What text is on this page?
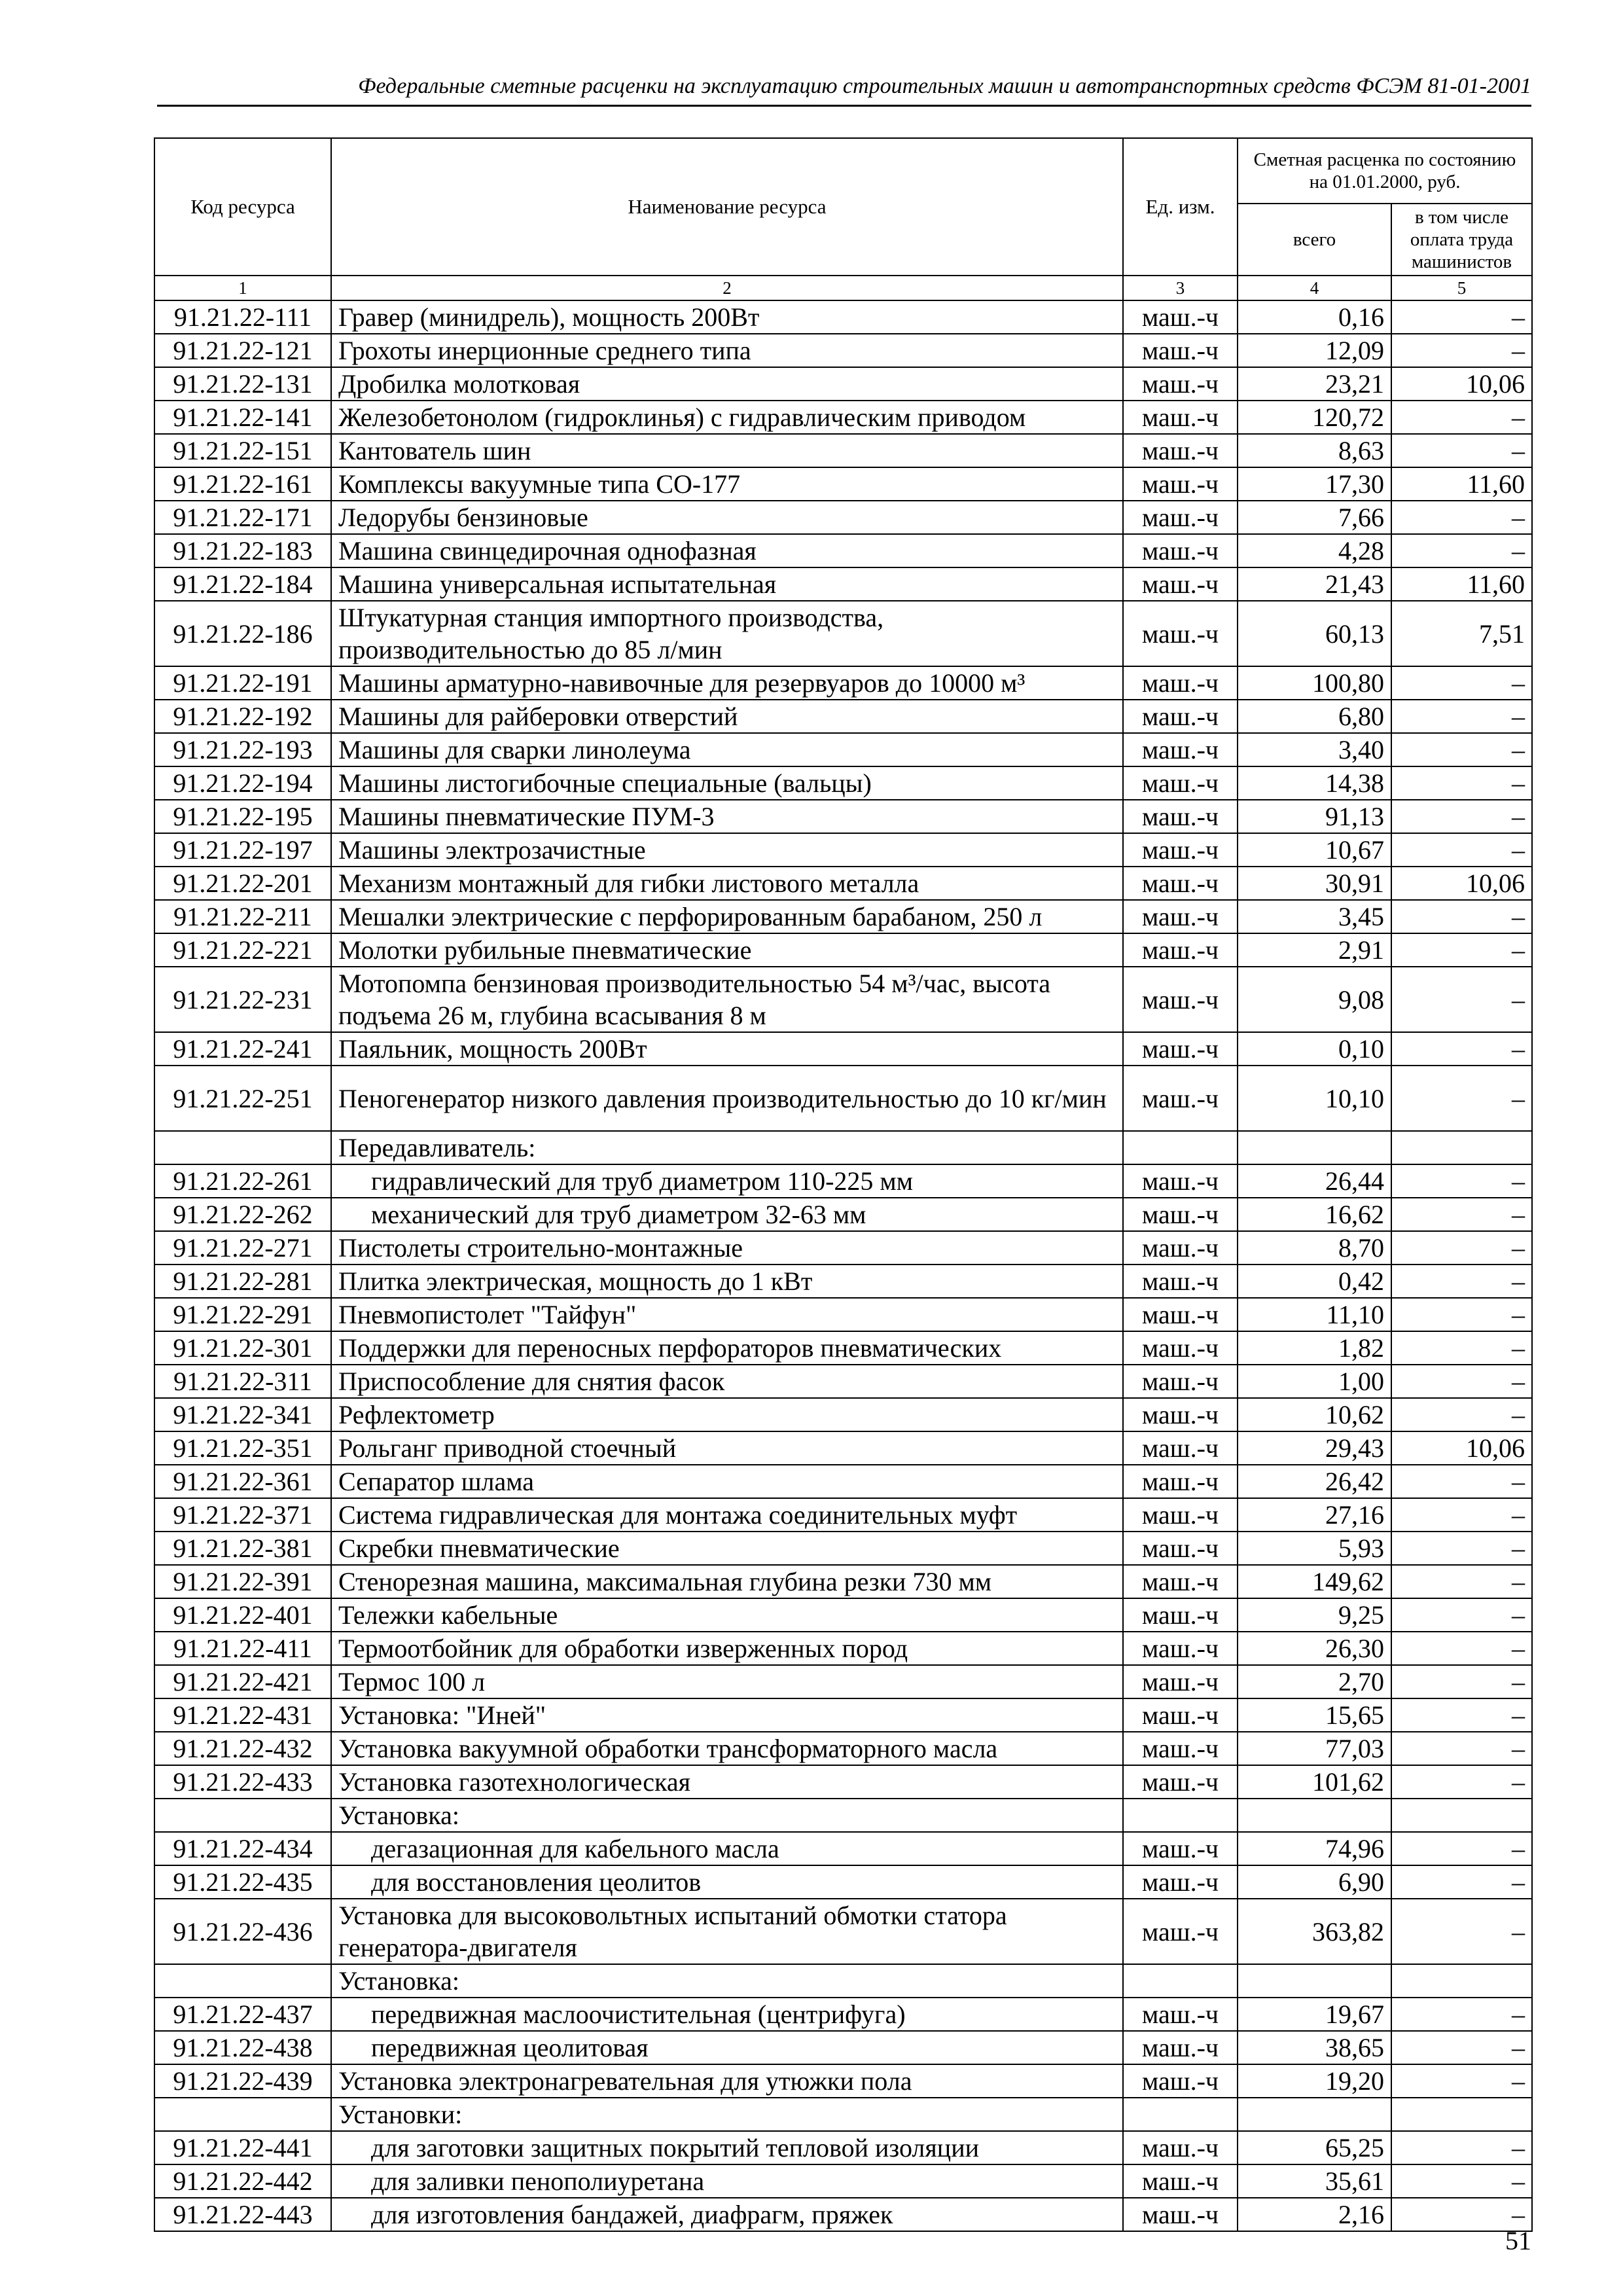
Федеральные сметные расценки на эксплуатацию строительных машин и автотранспортных средств ФСЭМ 81-01-2001
Код ресурса	Наименование ресурса	Ед. изм.	Сметная расценка по состоянию на 01.01.2000, руб.	
			всего	в том числе оплата труда машинистов
1	2	3	4	5
91.21.22-111	Гравер (минидрель), мощность 200Вт	маш.-ч	0,16	–
91.21.22-121	Грохоты инерционные среднего типа	маш.-ч	12,09	–
91.21.22-131	Дробилка молотковая	маш.-ч	23,21	10,06
91.21.22-141	Железобетонолом (гидроклинья) с гидравлическим приводом	маш.-ч	120,72	–
91.21.22-151	Кантователь шин	маш.-ч	8,63	–
91.21.22-161	Комплексы вакуумные типа СО-177	маш.-ч	17,30	11,60
91.21.22-171	Ледорубы бензиновые	маш.-ч	7,66	–
91.21.22-183	Машина свинцедирочная однофазная	маш.-ч	4,28	–
91.21.22-184	Машина универсальная испытательная	маш.-ч	21,43	11,60
91.21.22-186	Штукатурная станция импортного производства, производительностью до 85 л/мин	маш.-ч	60,13	7,51
91.21.22-191	Машины арматурно-навивочные для резервуаров до 10000 м³	маш.-ч	100,80	–
91.21.22-192	Машины для райберовки отверстий	маш.-ч	6,80	–
91.21.22-193	Машины для сварки линолеума	маш.-ч	3,40	–
91.21.22-194	Машины листогибочные специальные (вальцы)	маш.-ч	14,38	–
91.21.22-195	Машины пневматические ПУМ-3	маш.-ч	91,13	–
91.21.22-197	Машины электрозачистные	маш.-ч	10,67	–
91.21.22-201	Механизм монтажный для гибки листового металла	маш.-ч	30,91	10,06
91.21.22-211	Мешалки электрические с перфорированным барабаном, 250 л	маш.-ч	3,45	–
91.21.22-221	Молотки рубильные пневматические	маш.-ч	2,91	–
91.21.22-231	Мотопомпа бензиновая производительностью 54 м³/час, высота подъема 26 м, глубина всасывания 8 м	маш.-ч	9,08	–
91.21.22-241	Паяльник, мощность 200Вт	маш.-ч	0,10	–
91.21.22-251	Пеногенератор низкого давления производительностью до 10 кг/мин	маш.-ч	10,10	–
	Передавливатель:			
91.21.22-261	гидравлический для труб диаметром 110-225 мм	маш.-ч	26,44	–
91.21.22-262	механический для труб диаметром 32-63 мм	маш.-ч	16,62	–
91.21.22-271	Пистолеты строительно-монтажные	маш.-ч	8,70	–
91.21.22-281	Плитка электрическая, мощность до 1 кВт	маш.-ч	0,42	–
91.21.22-291	Пневмопистолет "Тайфун"	маш.-ч	11,10	–
91.21.22-301	Поддержки для переносных перфораторов пневматических	маш.-ч	1,82	–
91.21.22-311	Приспособление для снятия фасок	маш.-ч	1,00	–
91.21.22-341	Рефлектометр	маш.-ч	10,62	–
91.21.22-351	Рольганг приводной стоечный	маш.-ч	29,43	10,06
91.21.22-361	Сепаратор шлама	маш.-ч	26,42	–
91.21.22-371	Система гидравлическая для монтажа соединительных муфт	маш.-ч	27,16	–
91.21.22-381	Скребки пневматические	маш.-ч	5,93	–
91.21.22-391	Стенорезная машина, максимальная глубина резки 730 мм	маш.-ч	149,62	–
91.21.22-401	Тележки кабельные	маш.-ч	9,25	–
91.21.22-411	Термоотбойник для обработки изверженных пород	маш.-ч	26,30	–
91.21.22-421	Термос 100 л	маш.-ч	2,70	–
91.21.22-431	Установка: "Иней"	маш.-ч	15,65	–
91.21.22-432	Установка вакуумной обработки трансформаторного масла	маш.-ч	77,03	–
91.21.22-433	Установка газотехнологическая	маш.-ч	101,62	–
	Установка:			
91.21.22-434	дегазационная для кабельного масла	маш.-ч	74,96	–
91.21.22-435	для восстановления цеолитов	маш.-ч	6,90	–
91.21.22-436	Установка для высоковольтных испытаний обмотки статора генератора-двигателя	маш.-ч	363,82	–
	Установка:			
91.21.22-437	передвижная маслоочистительная (центрифуга)	маш.-ч	19,67	–
91.21.22-438	передвижная цеолитовая	маш.-ч	38,65	–
91.21.22-439	Установка электронагревательная для утюжки пола	маш.-ч	19,20	–
	Установки:			
91.21.22-441	для заготовки защитных покрытий тепловой изоляции	маш.-ч	65,25	–
91.21.22-442	для заливки пенополиуретана	маш.-ч	35,61	–
91.21.22-443	для изготовления бандажей, диафрагм, пряжек	маш.-ч	2,16	–
51
